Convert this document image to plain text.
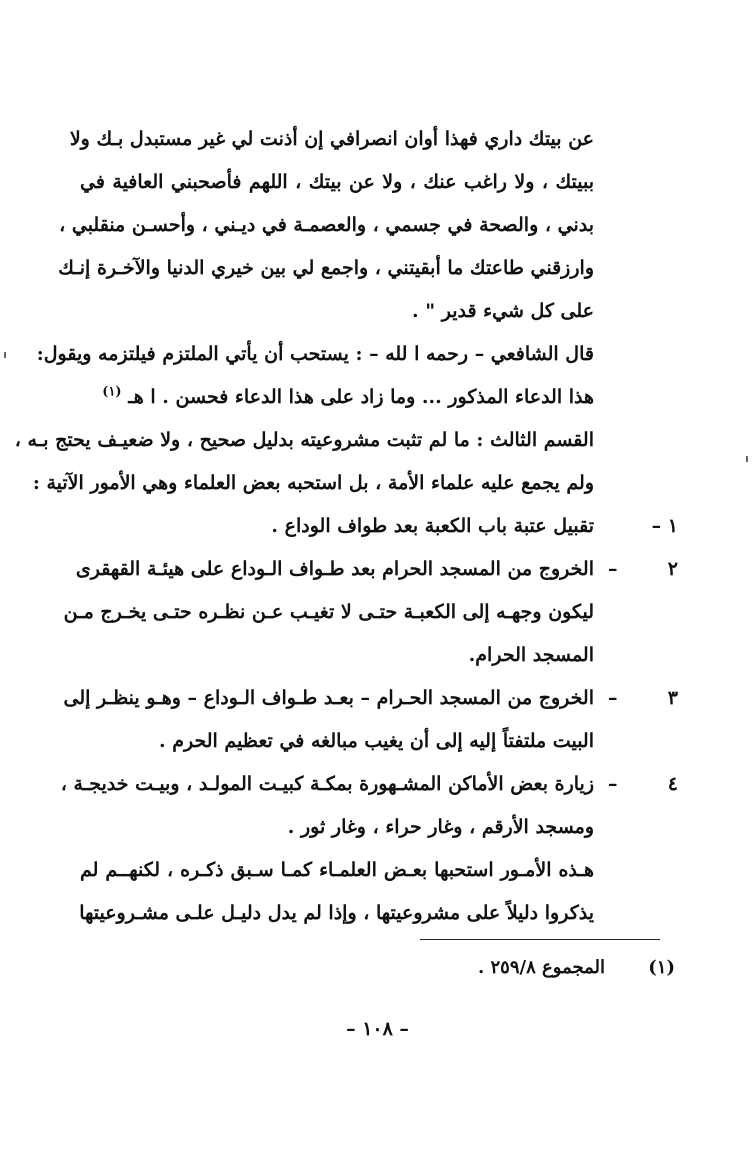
عن بيتك داري فهذا أوان انصرافي إن أذنت لي غير مستبدل بـك ولا
ببيتك ، ولا راغب عنك ، ولا عن بيتك ، اللهم فأصحبني العافية في
بدني ، والصحة في جسمي ، والعصمـة في ديـني ، وأحسـن منقلبي ،
وارزقني طاعتك ما أبقيتني ، واجمع لي بين خيري الدنيا والآخـرة إنـك
على كل شيء قدير " .
قال الشافعي – رحمه ا لله – : يستحب أن يأتي الملتزم فيلتزمه ويقول:
هذا الدعاء المذكور ... وما زاد على هذا الدعاء فحسن . ا هـ $^{(١)}$
القسم الثالث : ما لم تثبت مشروعيته بدليل صحيح ، ولا ضعيـف يحتج بـه ،
ولم يجمع عليه علماء الأمة ، بل استحبه بعض العلماء وهي الأمور الآتية :
١ –
تقبيل عتبة باب الكعبة بعد طواف الوداع .
٢ –
الخروج من المسجد الحرام بعد طـواف الـوداع على هيئـة القهقرى
ليكون وجهـه إلى الكعبـة حتـى لا تغيـب عـن نظـره حتـى يخـرج مـن
المسجد الحرام.
٣ –
الخروج من المسجد الحـرام – بعـد طـواف الـوداع – وهـو ينظـر إلى
البيت ملتفتاً إليه إلى أن يغيب مبالغه في تعظيم الحرم .
٤ –
زيارة بعض الأماكن المشـهورة بمكـة كبيـت المولـد ، وبيـت خديجـة ،
ومسجد الأرقم ، وغار حراء ، وغار ثور .
هـذه الأمـور استحبها بعـض العلمـاء كمـا سـبق ذكـره ، لكنهــم لم
يذكروا دليلاً على مشروعيتها ، وإذا لم يدل دليـل علـى مشـروعيتها
(١)
المجموع ٢٥٩/٨ .
– ١٠٨ –
